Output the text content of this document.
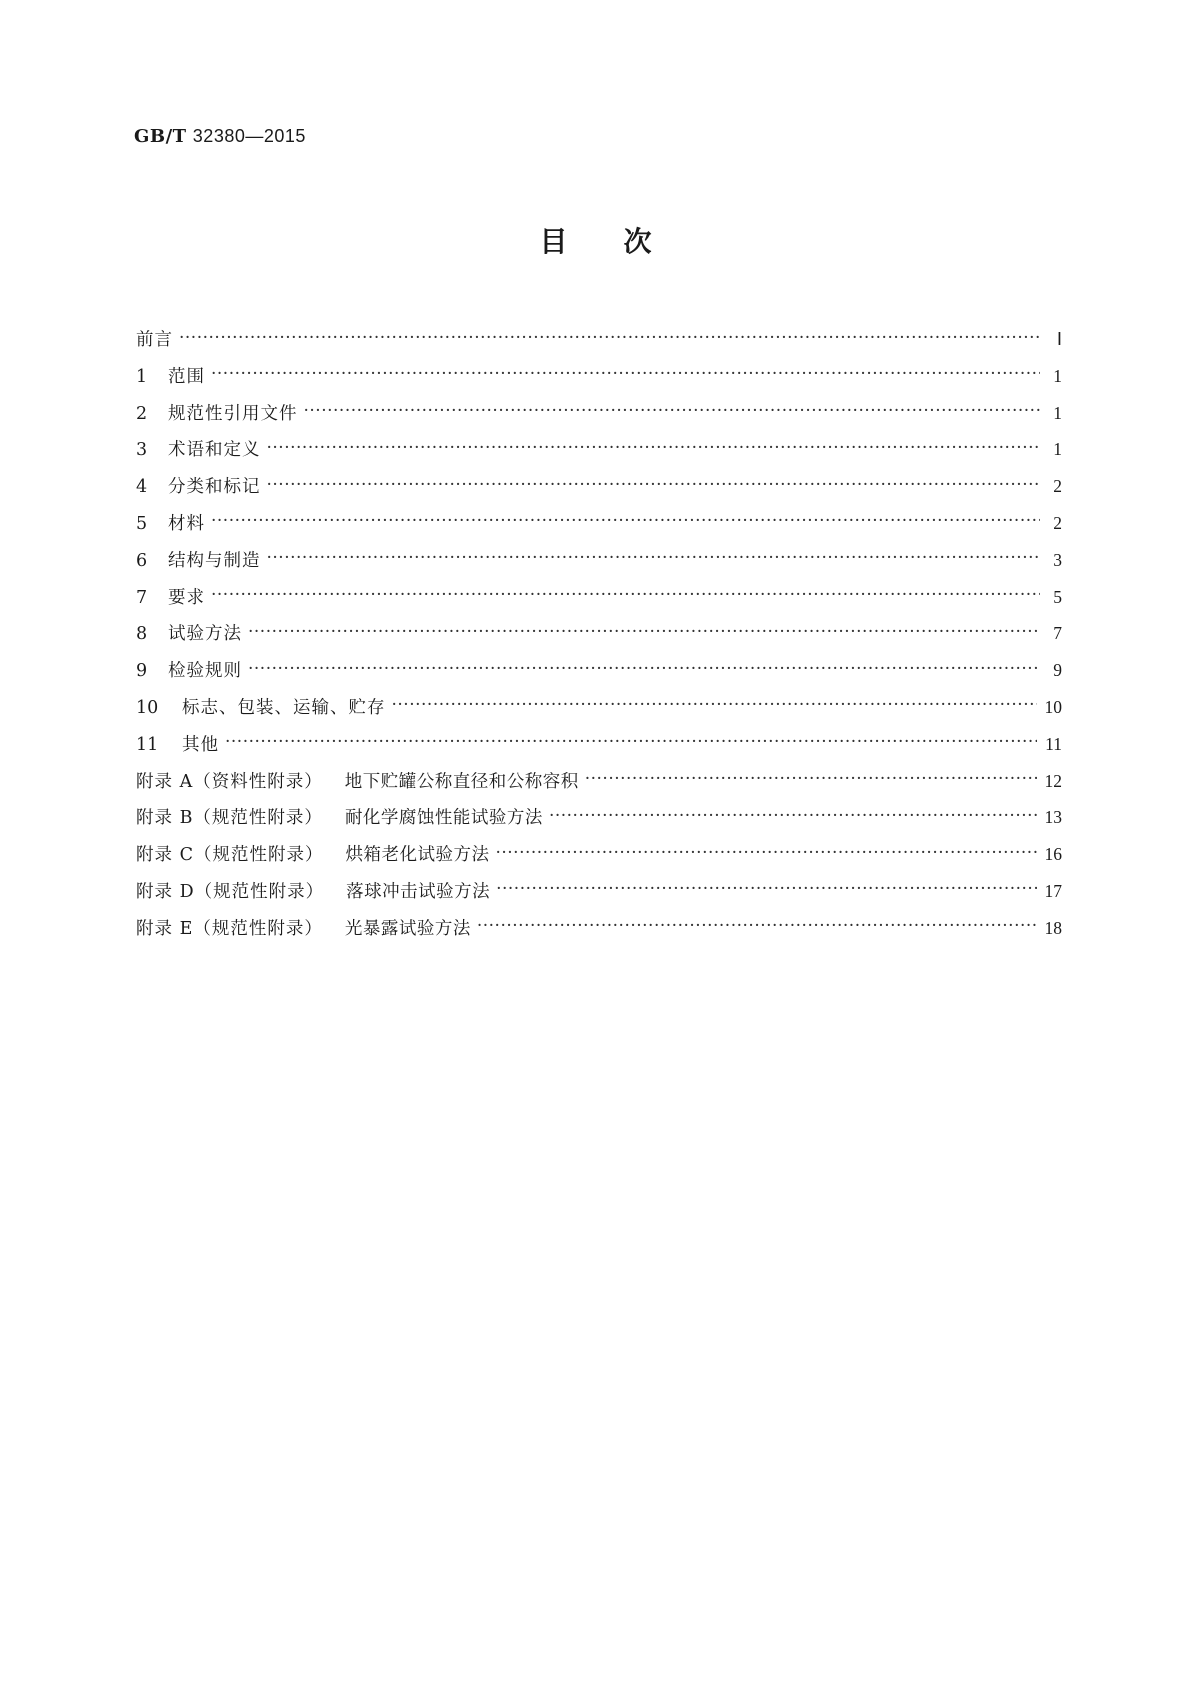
GB/T 32380—2015
目次
前言 ·····	Ⅰ
1	范围 ·····	1
2	规范性引用文件 ·····	1
3	术语和定义 ·····	1
4	分类和标记 ·····	2
5	材料 ·····	2
6	结构与制造 ·····	3
7	要求 ·····	5
8	试验方法 ·····	7
9	检验规则 ·····	9
10	标志、包装、运输、贮存 ·····	10
11	其他 ·····	11
附录 A（资料性附录） 地下贮罐公称直径和公称容积 ·····	12
附录 B（规范性附录） 耐化学腐蚀性能试验方法 ·····	13
附录 C（规范性附录） 烘箱老化试验方法 ·····	16
附录 D（规范性附录） 落球冲击试验方法 ·····	17
附录 E（规范性附录） 光暴露试验方法 ·····	18
